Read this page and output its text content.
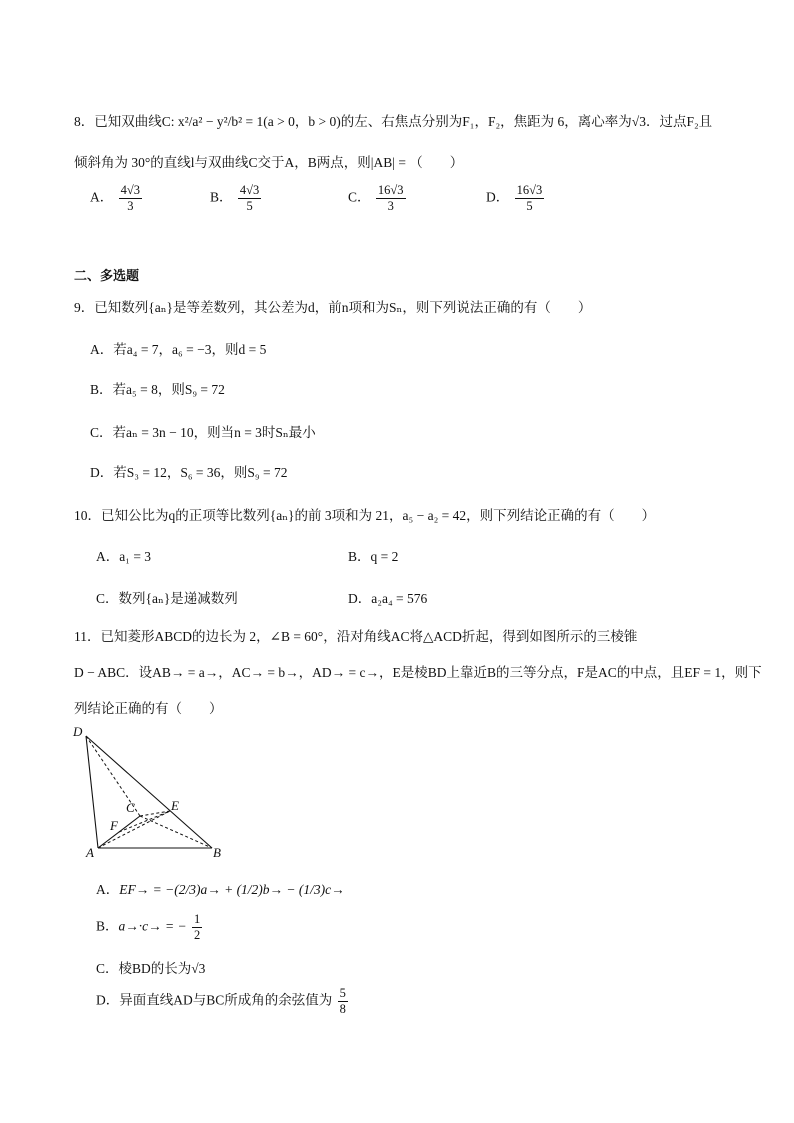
8．已知双曲线C: x²/a² − y²/b² = 1(a > 0，b > 0)的左、右焦点分别为F₁，F₂，焦距为 6，离心率为√3．过点F₂且
倾斜角为 30°的直线l与双曲线C交于A，B两点，则|AB| = （　　）
A． $\frac{4√3}{3}$	B． $\frac{4√3}{5}$	C． $\frac{16√3}{3}$	D． $\frac{16√3}{5}$
二、多选题
9．已知数列{aₙ}是等差数列，其公差为d，前n项和为Sₙ，则下列说法正确的有（　　）
A．若a₄ = 7，a₆ = −3，则d = 5
B．若a₅ = 8，则S₉ = 72
C．若aₙ = 3n − 10，则当n = 3时Sₙ最小
D．若S₃ = 12，S₆ = 36，则S₉ = 72
10．已知公比为q的正项等比数列{aₙ}的前 3项和为 21，a₅ − a₂ = 42，则下列结论正确的有（　　）
A．a₁ = 3	B．q = 2
C．数列{aₙ}是递减数列	D．a₂a₄ = 576
11．已知菱形ABCD的边长为 2，∠B = 60°，沿对角线AC将△ACD折起，得到如图所示的三棱锥
D − ABC．设AB→ = a→，AC→ = b→，AD→ = c→，E是棱BD上靠近B的三等分点，F是AC的中点，且EF = 1，则下
列结论正确的有（　　）
D
C	E
F
A	B
A．EF→ = −(2/3)a→ + (1/2)b→ − (1/3)c→
B．a→·c→ = − $\frac{1}{2}$
C．棱BD的长为√3
D．异面直线AD与BC所成角的余弦值为 $\frac{5}{8}$
